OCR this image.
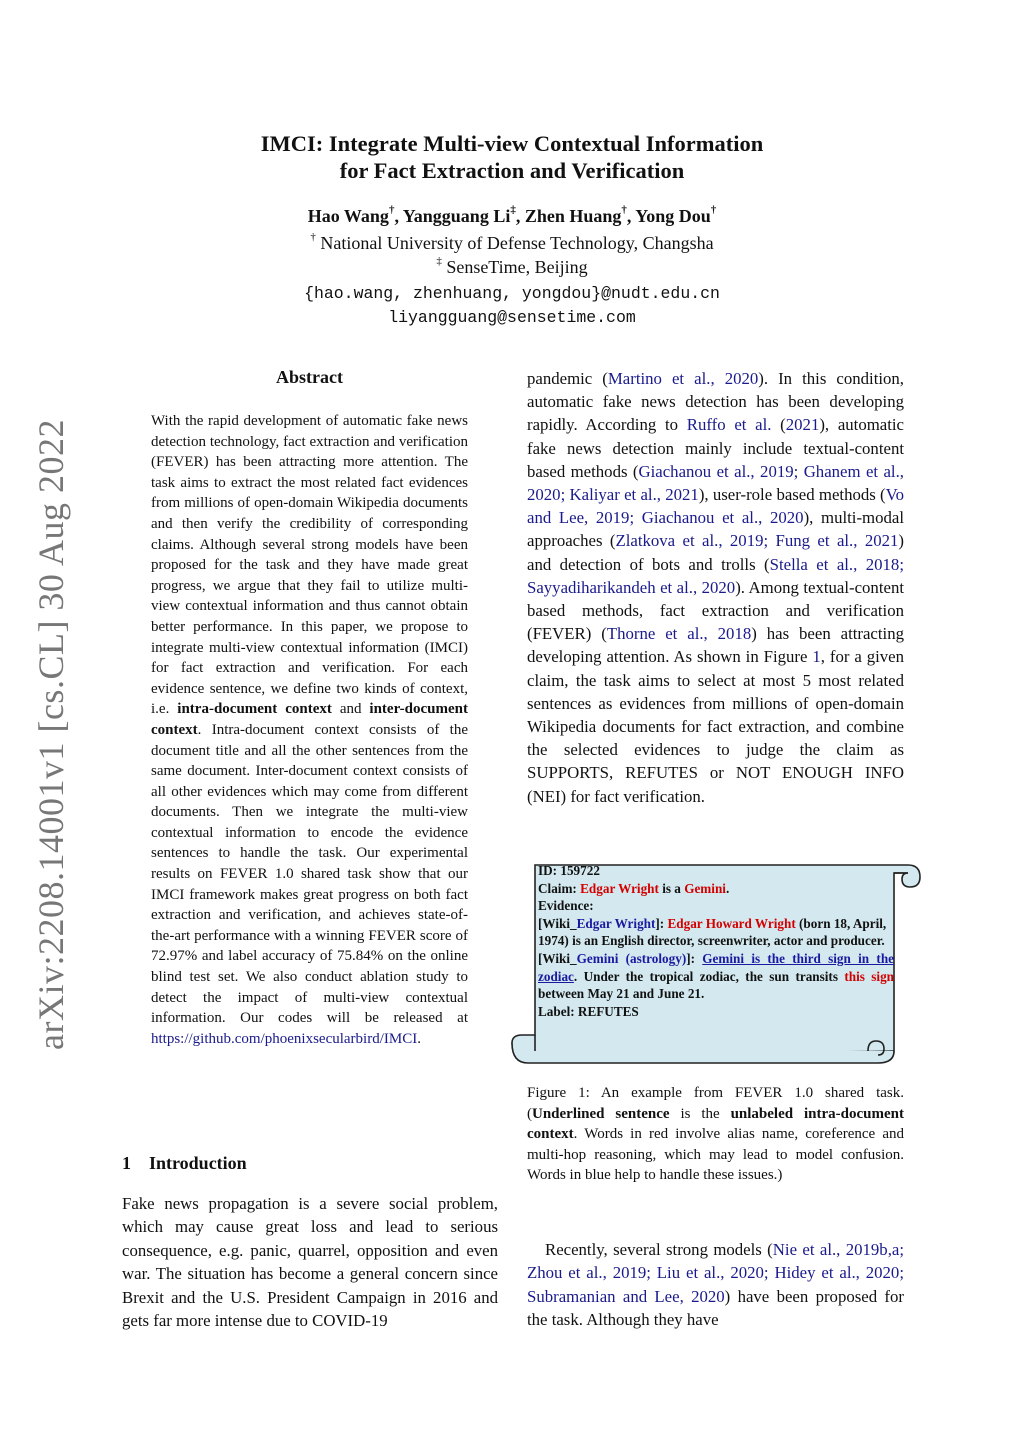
IMCI: Integrate Multi-view Contextual Information
for Fact Extraction and Verification
Hao Wang†, Yangguang Li‡, Zhen Huang†, Yong Dou†
† National University of Defense Technology, Changsha
‡ SenseTime, Beijing
{hao.wang, zhenhuang, yongdou}@nudt.edu.cn
liyangguang@sensetime.com
arXiv:2208.14001v1 [cs.CL] 30 Aug 2022
Abstract
With the rapid development of automatic fake news detection technology, fact extraction and verification (FEVER) has been attracting more attention. The task aims to extract the most related fact evidences from millions of open-domain Wikipedia documents and then verify the credibility of corresponding claims. Although several strong models have been proposed for the task and they have made great progress, we argue that they fail to utilize multi-view contextual information and thus cannot obtain better performance. In this paper, we propose to integrate multi-view contextual information (IMCI) for fact extraction and verification. For each evidence sentence, we define two kinds of context, i.e. intra-document context and inter-document context. Intra-document context consists of the document title and all the other sentences from the same document. Inter-document context consists of all other evidences which may come from different documents. Then we integrate the multi-view contextual information to encode the evidence sentences to handle the task. Our experimental results on FEVER 1.0 shared task show that our IMCI framework makes great progress on both fact extraction and verification, and achieves state-of-the-art performance with a winning FEVER score of 72.97% and label accuracy of 75.84% on the online blind test set. We also conduct ablation study to detect the impact of multi-view contextual information. Our codes will be released at https://github.com/phoenixsecularbird/IMCI.
1    Introduction
Fake news propagation is a severe social problem, which may cause great loss and lead to serious consequence, e.g. panic, quarrel, opposition and even war. The situation has become a general concern since Brexit and the U.S. President Campaign in 2016 and gets far more intense due to COVID-19
pandemic (Martino et al., 2020). In this condition, automatic fake news detection has been developing rapidly. According to Ruffo et al. (2021), automatic fake news detection mainly include textual-content based methods (Giachanou et al., 2019; Ghanem et al., 2020; Kaliyar et al., 2021), user-role based methods (Vo and Lee, 2019; Giachanou et al., 2020), multi-modal approaches (Zlatkova et al., 2019; Fung et al., 2021) and detection of bots and trolls (Stella et al., 2018; Sayyadiharikandeh et al., 2020). Among textual-content based methods, fact extraction and verification (FEVER) (Thorne et al., 2018) has been attracting developing attention. As shown in Figure 1, for a given claim, the task aims to select at most 5 most related sentences as evidences from millions of open-domain Wikipedia documents for fact extraction, and combine the selected evidences to judge the claim as SUPPORTS, REFUTES or NOT ENOUGH INFO (NEI) for fact verification.
ID: 159722
Claim: Edgar Wright is a Gemini.
Evidence:
[Wiki_Edgar Wright]: Edgar Howard Wright (born 18, April, 1974) is an English director, screenwriter, actor and producer.
[Wiki_Gemini (astrology)]: Gemini is the third sign in the zodiac. Under the tropical zodiac, the sun transits this sign between May 21 and June 21.
Label: REFUTES
Figure 1: An example from FEVER 1.0 shared task. (Underlined sentence is the unlabeled intra-document context. Words in red involve alias name, coreference and multi-hop reasoning, which may lead to model confusion. Words in blue help to handle these issues.)
Recently, several strong models (Nie et al., 2019b,a; Zhou et al., 2019; Liu et al., 2020; Hidey et al., 2020; Subramanian and Lee, 2020) have been proposed for the task. Although they have
